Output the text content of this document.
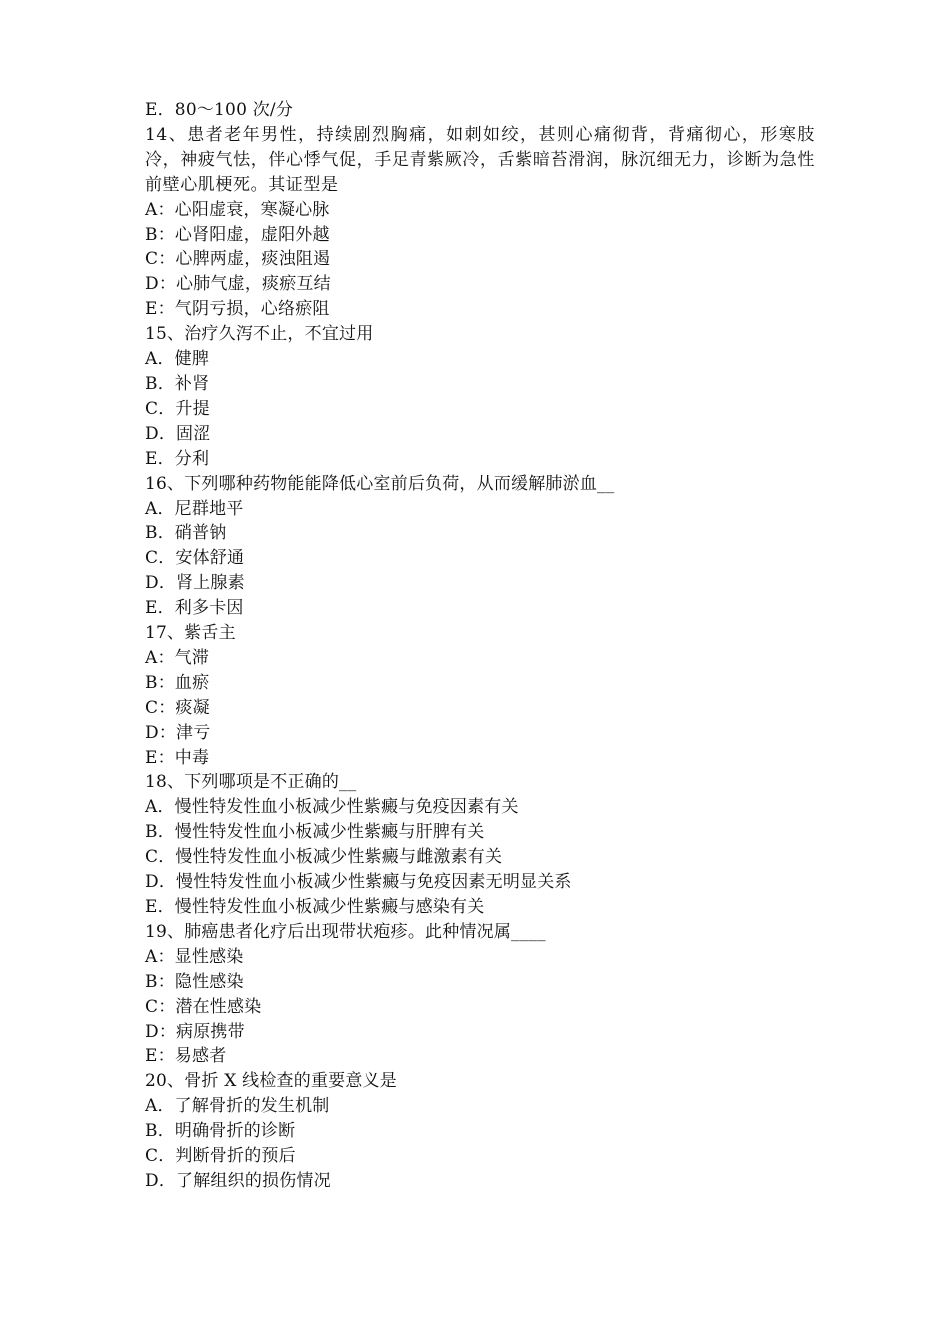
E．80～100 次/分
14、患者老年男性，持续剧烈胸痛，如刺如绞，甚则心痛彻背，背痛彻心，形寒肢冷，神疲气怯，伴心悸气促，手足青紫厥冷，舌紫暗苔滑润，脉沉细无力，诊断为急性前壁心肌梗死。其证型是
A：心阳虚衰，寒凝心脉
B：心肾阳虚，虚阳外越
C：心脾两虚，痰浊阻遏
D：心肺气虚，痰瘀互结
E：气阴亏损，心络瘀阻
15、治疗久泻不止，不宜过用
A．健脾
B．补肾
C．升提
D．固涩
E．分利
16、下列哪种药物能能降低心室前后负荷，从而缓解肺淤血__
A．尼群地平
B．硝普钠
C．安体舒通
D．肾上腺素
E．利多卡因
17、紫舌主
A：气滞
B：血瘀
C：痰凝
D：津亏
E：中毒
18、下列哪项是不正确的__
A．慢性特发性血小板减少性紫癜与免疫因素有关
B．慢性特发性血小板减少性紫癜与肝脾有关
C．慢性特发性血小板减少性紫癜与雌激素有关
D．慢性特发性血小板减少性紫癜与免疫因素无明显关系
E．慢性特发性血小板减少性紫癜与感染有关
19、肺癌患者化疗后出现带状疱疹。此种情况属____
A：显性感染
B：隐性感染
C：潜在性感染
D：病原携带
E：易感者
20、骨折 X 线检查的重要意义是
A．了解骨折的发生机制
B．明确骨折的诊断
C．判断骨折的预后
D．了解组织的损伤情况
